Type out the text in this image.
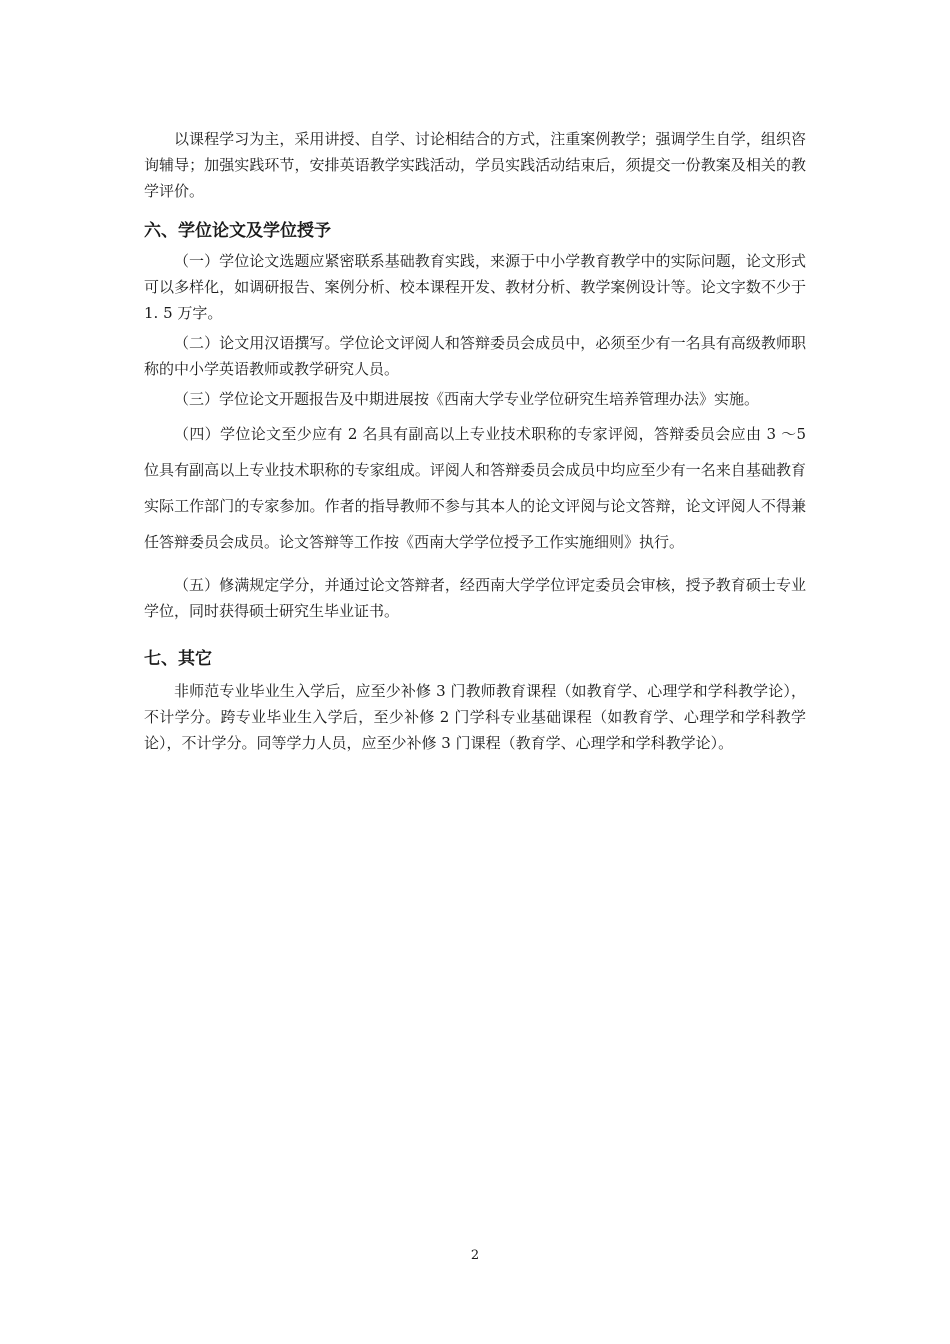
以课程学习为主，采用讲授、自学、讨论相结合的方式，注重案例教学；强调学生自学，组织咨询辅导；加强实践环节，安排英语教学实践活动，学员实践活动结束后，须提交一份教案及相关的教学评价。

六、学位论文及学位授予

（一）学位论文选题应紧密联系基础教育实践，来源于中小学教育教学中的实际问题，论文形式可以多样化，如调研报告、案例分析、校本课程开发、教材分析、教学案例设计等。论文字数不少于 1. 5 万字。

（二）论文用汉语撰写。学位论文评阅人和答辩委员会成员中，必须至少有一名具有高级教师职称的中小学英语教师或教学研究人员。

（三）学位论文开题报告及中期进展按《西南大学专业学位研究生培养管理办法》实施。

（四）学位论文至少应有 2 名具有副高以上专业技术职称的专家评阅，答辩委员会应由 3 ～5 位具有副高以上专业技术职称的专家组成。评阅人和答辩委员会成员中均应至少有一名来自基础教育实际工作部门的专家参加。作者的指导教师不参与其本人的论文评阅与论文答辩，论文评阅人不得兼任答辩委员会成员。论文答辩等工作按《西南大学学位授予工作实施细则》执行。

（五）修满规定学分，并通过论文答辩者，经西南大学学位评定委员会审核，授予教育硕士专业学位，同时获得硕士研究生毕业证书。

七、其它

非师范专业毕业生入学后，应至少补修 3 门教师教育课程（如教育学、心理学和学科教学论），不计学分。跨专业毕业生入学后，至少补修 2 门学科专业基础课程（如教育学、心理学和学科教学论），不计学分。同等学力人员，应至少补修 3 门课程（教育学、心理学和学科教学论）。

2
